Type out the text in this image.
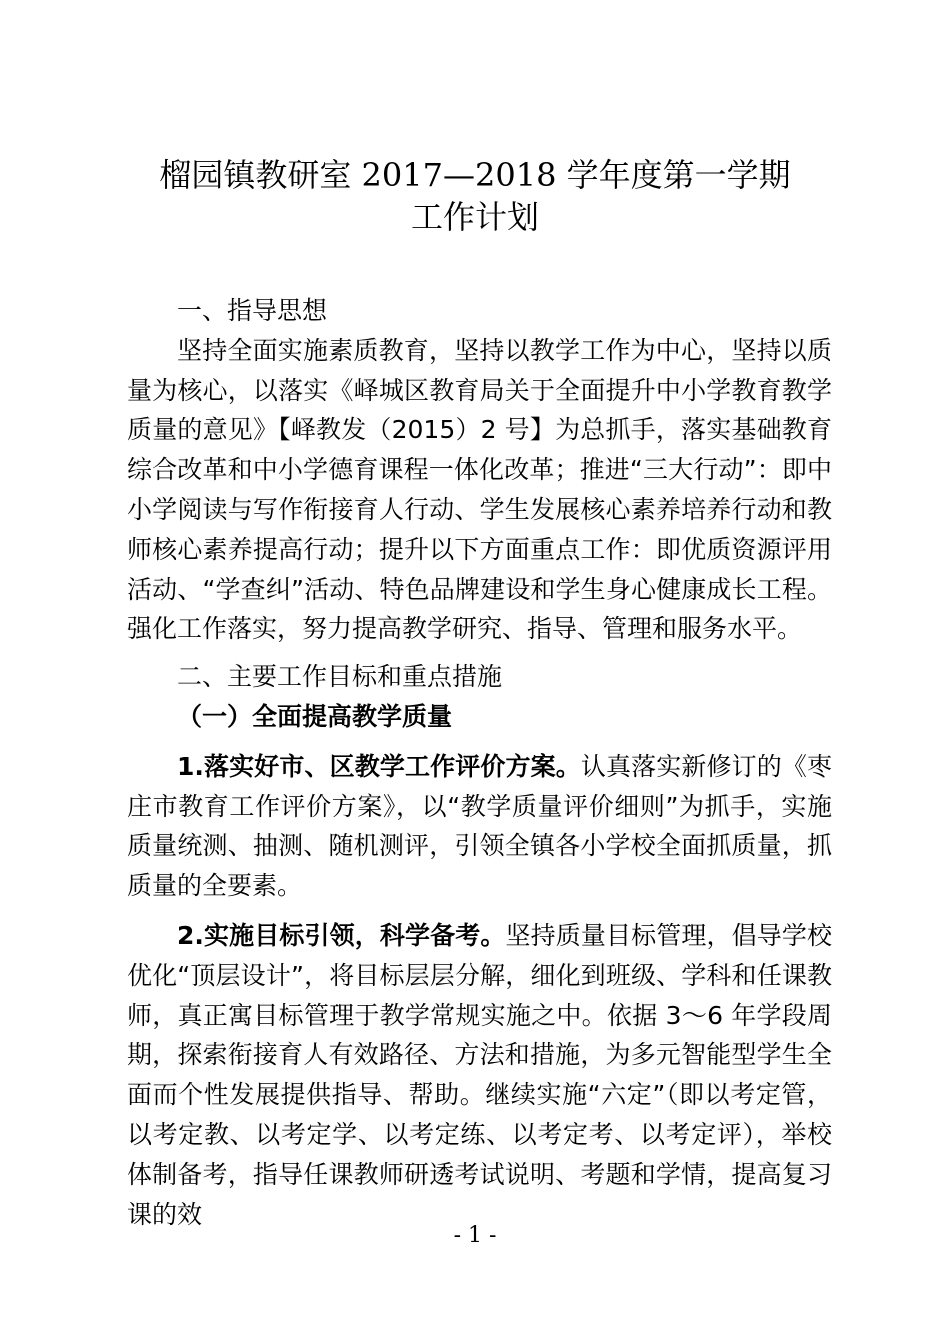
榴园镇教研室 2017—2018 学年度第一学期
工作计划

一、指导思想

坚持全面实施素质教育，坚持以教学工作为中心，坚持以质量为核心，以落实《峄城区教育局关于全面提升中小学教育教学质量的意见》【峄教发（2015）2 号】为总抓手，落实基础教育综合改革和中小学德育课程一体化改革；推进“三大行动”：即中小学阅读与写作衔接育人行动、学生发展核心素养培养行动和教师核心素养提高行动；提升以下方面重点工作：即优质资源评用活动、“学查纠”活动、特色品牌建设和学生身心健康成长工程。强化工作落实，努力提高教学研究、指导、管理和服务水平。

二、主要工作目标和重点措施

（一）全面提高教学质量

1.落实好市、区教学工作评价方案。认真落实新修订的《枣庄市教育工作评价方案》，以“教学质量评价细则”为抓手，实施质量统测、抽测、随机测评，引领全镇各小学校全面抓质量，抓质量的全要素。

2.实施目标引领，科学备考。坚持质量目标管理，倡导学校优化“顶层设计”，将目标层层分解，细化到班级、学科和任课教师，真正寓目标管理于教学常规实施之中。依据 3～6 年学段周期，探索衔接育人有效路径、方法和措施，为多元智能型学生全面而个性发展提供指导、帮助。继续实施“六定”（即以考定管，以考定教、以考定学、以考定练、以考定考、以考定评），举校体制备考，指导任课教师研透考试说明、考题和学情，提高复习课的效

- 1 -
